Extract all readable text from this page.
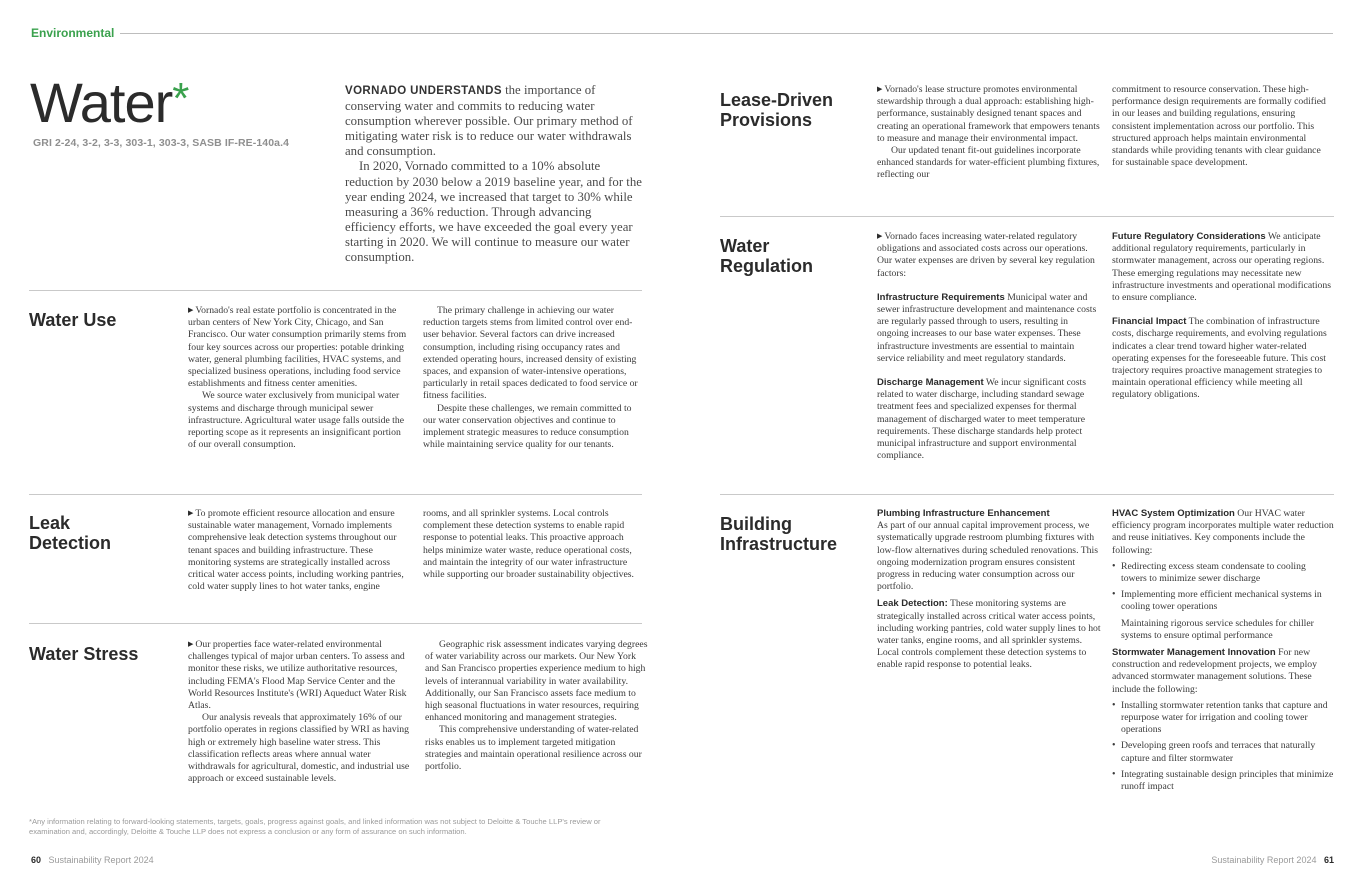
Environmental
Water*
GRI 2-24, 3-2, 3-3, 303-1, 303-3, SASB IF-RE-140a.4

VORNADO UNDERSTANDS the importance of conserving water and commits to reducing water consumption wherever possible. Our primary method of mitigating water risk is to reduce our water withdrawals and consumption.

In 2020, Vornado committed to a 10% absolute reduction by 2030 below a 2019 baseline year, and for the year ending 2024, we increased that target to 30% while measuring a 36% reduction. Through advancing efficiency efforts, we have exceeded the goal every year starting in 2020. We will continue to measure our water consumption.

Water Use	▶ Vornado's real estate portfolio is concentrated in the urban centers of New York City, Chicago, and San Francisco. Our water consumption primarily stems from four key sources across our properties: potable drinking water, general plumbing facilities, HVAC systems, and specialized business operations, including food service establishments and fitness center amenities.

We source water exclusively from municipal water systems and discharge through municipal sewer infrastructure. Agricultural water usage falls outside the reporting scope as it represents an insignificant portion of our overall consumption.

The primary challenge in achieving our water reduction targets stems from limited control over end-user behavior. Several factors can drive increased consumption, including rising occupancy rates and extended operating hours, increased density of existing spaces, and expansion of water-intensive operations, particularly in retail spaces dedicated to food service or fitness facilities.

Despite these challenges, we remain committed to our water conservation objectives and continue to implement strategic measures to reduce consumption while maintaining service quality for our tenants.

Leak
Detection

▶ To promote efficient resource allocation and ensure sustainable water management, Vornado implements comprehensive leak detection systems throughout our tenant spaces and building infrastructure. These monitoring systems are strategically installed across critical water access points, including working pantries, cold water supply lines to hot water tanks, engine

rooms, and all sprinkler systems. Local controls complement these detection systems to enable rapid response to potential leaks. This proactive approach helps minimize water waste, reduce operational costs, and maintain the integrity of our water infrastructure while supporting our broader sustainability objectives.

Water Stress	▶ Our properties face water-related environmental challenges typical of major urban centers. To assess and monitor these risks, we utilize authoritative resources, including FEMA's Flood Map Service Center and the World Resources Institute's (WRI) Aqueduct Water Risk Atlas.

Our analysis reveals that approximately 16% of our portfolio operates in regions classified by WRI as having high or extremely high baseline water stress. This classification reflects areas where annual water withdrawals for agricultural, domestic, and industrial use approach or exceed sustainable levels.

Geographic risk assessment indicates varying degrees of water variability across our markets. Our New York and San Francisco properties experience medium to high levels of interannual variability in water availability. Additionally, our San Francisco assets face medium to high seasonal fluctuations in water resources, requiring enhanced monitoring and management strategies.

This comprehensive understanding of water-related risks enables us to implement targeted mitigation strategies and maintain operational resilience across our portfolio.

Lease-Driven
Provisions

▶ Vornado's lease structure promotes environmental stewardship through a dual approach: establishing high-performance, sustainably designed tenant spaces and creating an operational framework that empowers tenants to measure and manage their environmental impact.

Our updated tenant fit-out guidelines incorporate enhanced standards for water-efficient plumbing fixtures, reflecting our

commitment to resource conservation. These high-performance design requirements are formally codified in our leases and building regulations, ensuring consistent implementation across our portfolio. This structured approach helps maintain environmental standards while providing tenants with clear guidance for sustainable space development.

Water
Regulation

▶ Vornado faces increasing water-related regulatory obligations and associated costs across our operations. Our water expenses are driven by several key regulation factors:

Infrastructure Requirements Municipal water and sewer infrastructure development and maintenance costs are regularly passed through to users, resulting in ongoing increases to our base water expenses. These infrastructure investments are essential to maintain service reliability and meet regulatory standards.

Discharge Management We incur significant costs related to water discharge, including standard sewage treatment fees and specialized expenses for thermal management of discharged water to meet temperature requirements. These discharge standards help protect municipal infrastructure and support environmental compliance.

Future Regulatory Considerations We anticipate additional regulatory requirements, particularly in stormwater management, across our operating regions. These emerging regulations may necessitate new infrastructure investments and operational modifications to ensure compliance.

Financial Impact The combination of infrastructure costs, discharge requirements, and evolving regulations indicates a clear trend toward higher water-related operating expenses for the foreseeable future. This cost trajectory requires proactive management strategies to maintain operational efficiency while meeting all regulatory obligations.

Building
Infrastructure

Plumbing Infrastructure Enhancement

As part of our annual capital improvement process, we systematically upgrade restroom plumbing fixtures with low-flow alternatives during scheduled renovations. This ongoing modernization program ensures consistent progress in reducing water consumption across our portfolio.

Leak Detection: These monitoring systems are strategically installed across critical water access points, including working pantries, cold water supply lines to hot water tanks, engine rooms, and all sprinkler systems. Local controls complement these detection systems to enable rapid response to potential leaks.

HVAC System Optimization Our HVAC water efficiency program incorporates multiple water reduction and reuse initiatives. Key components include the following:

• Redirecting excess steam condensate to cooling towers to minimize sewer discharge
• Implementing more efficient mechanical systems in cooling tower operations

Maintaining rigorous service schedules for chiller systems to ensure optimal performance

Stormwater Management Innovation For new construction and redevelopment projects, we employ advanced stormwater management solutions. These include the following:

• Installing stormwater retention tanks that capture and repurpose water for irrigation and cooling tower operations
• Developing green roofs and terraces that naturally capture and filter stormwater
• Integrating sustainable design principles that minimize runoff impact
*Any information relating to forward-looking statements, targets, goals, progress against goals, and linked information was not subject to Deloitte & Touche LLP's review or examination and, accordingly, Deloitte & Touche LLP does not express a conclusion or any form of assurance on such information.
60 Sustainability Report 2024	Sustainability Report 2024 61
